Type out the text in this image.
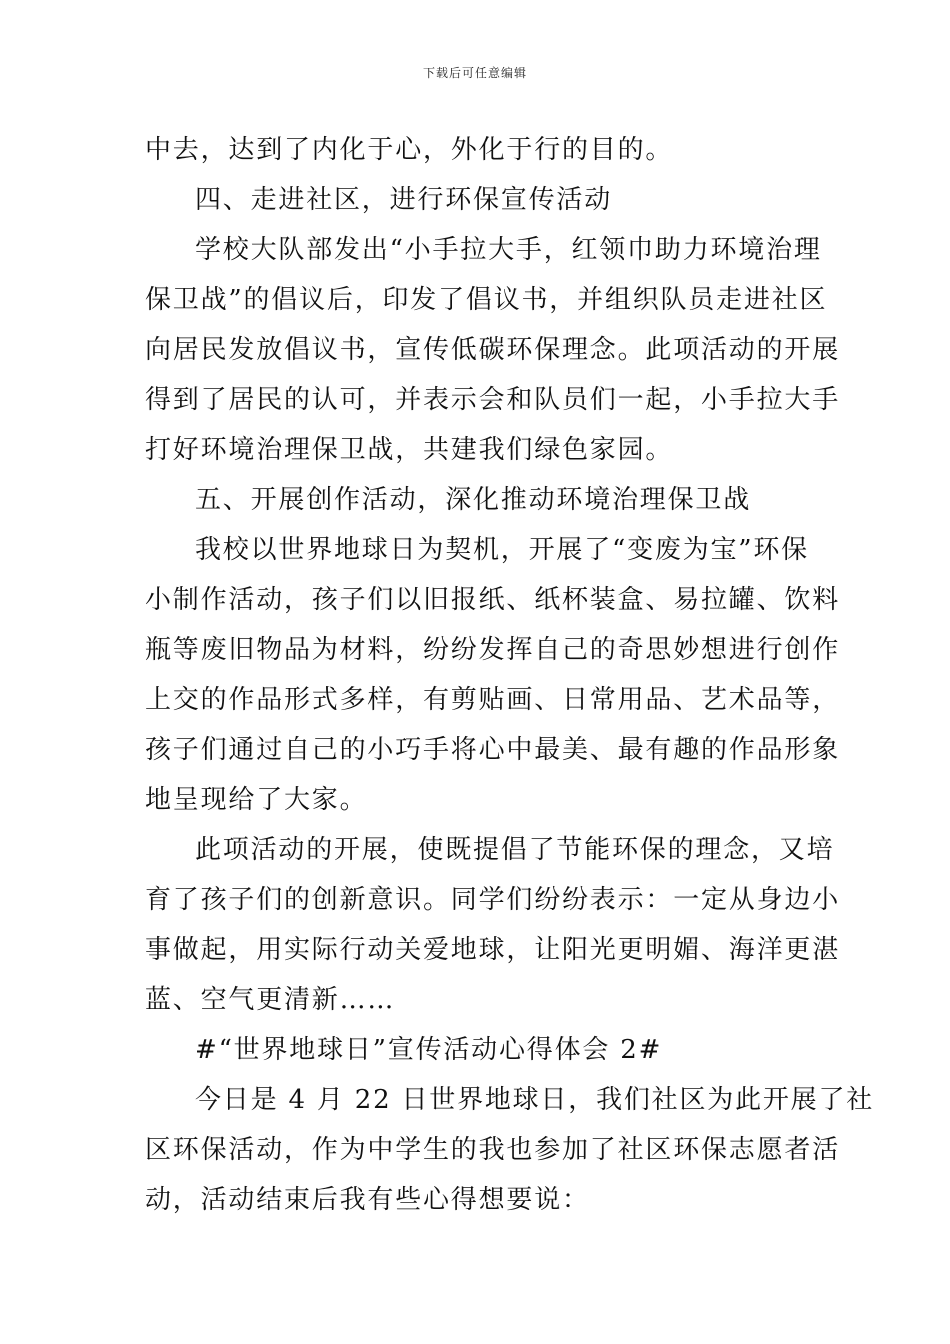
下载后可任意编辑
中去，达到了内化于心，外化于行的目的。
四、走进社区，进行环保宣传活动
学校大队部发出“小手拉大手，红领巾助力环境治理
保卫战”的倡议后，印发了倡议书，并组织队员走进社区
向居民发放倡议书，宣传低碳环保理念。此项活动的开展
得到了居民的认可，并表示会和队员们一起，小手拉大手
打好环境治理保卫战，共建我们绿色家园。
五、开展创作活动，深化推动环境治理保卫战
我校以世界地球日为契机，开展了“变废为宝”环保
小制作活动，孩子们以旧报纸、纸杯装盒、易拉罐、饮料
瓶等废旧物品为材料，纷纷发挥自己的奇思妙想进行创作
上交的作品形式多样，有剪贴画、日常用品、艺术品等，
孩子们通过自己的小巧手将心中最美、最有趣的作品形象
地呈现给了大家。
此项活动的开展，使既提倡了节能环保的理念，又培
育了孩子们的创新意识。同学们纷纷表示：一定从身边小
事做起，用实际行动关爱地球，让阳光更明媚、海洋更湛
蓝、空气更清新……
#“世界地球日”宣传活动心得体会 2#
今日是 4 月 22 日世界地球日，我们社区为此开展了社
区环保活动，作为中学生的我也参加了社区环保志愿者活
动，活动结束后我有些心得想要说：
